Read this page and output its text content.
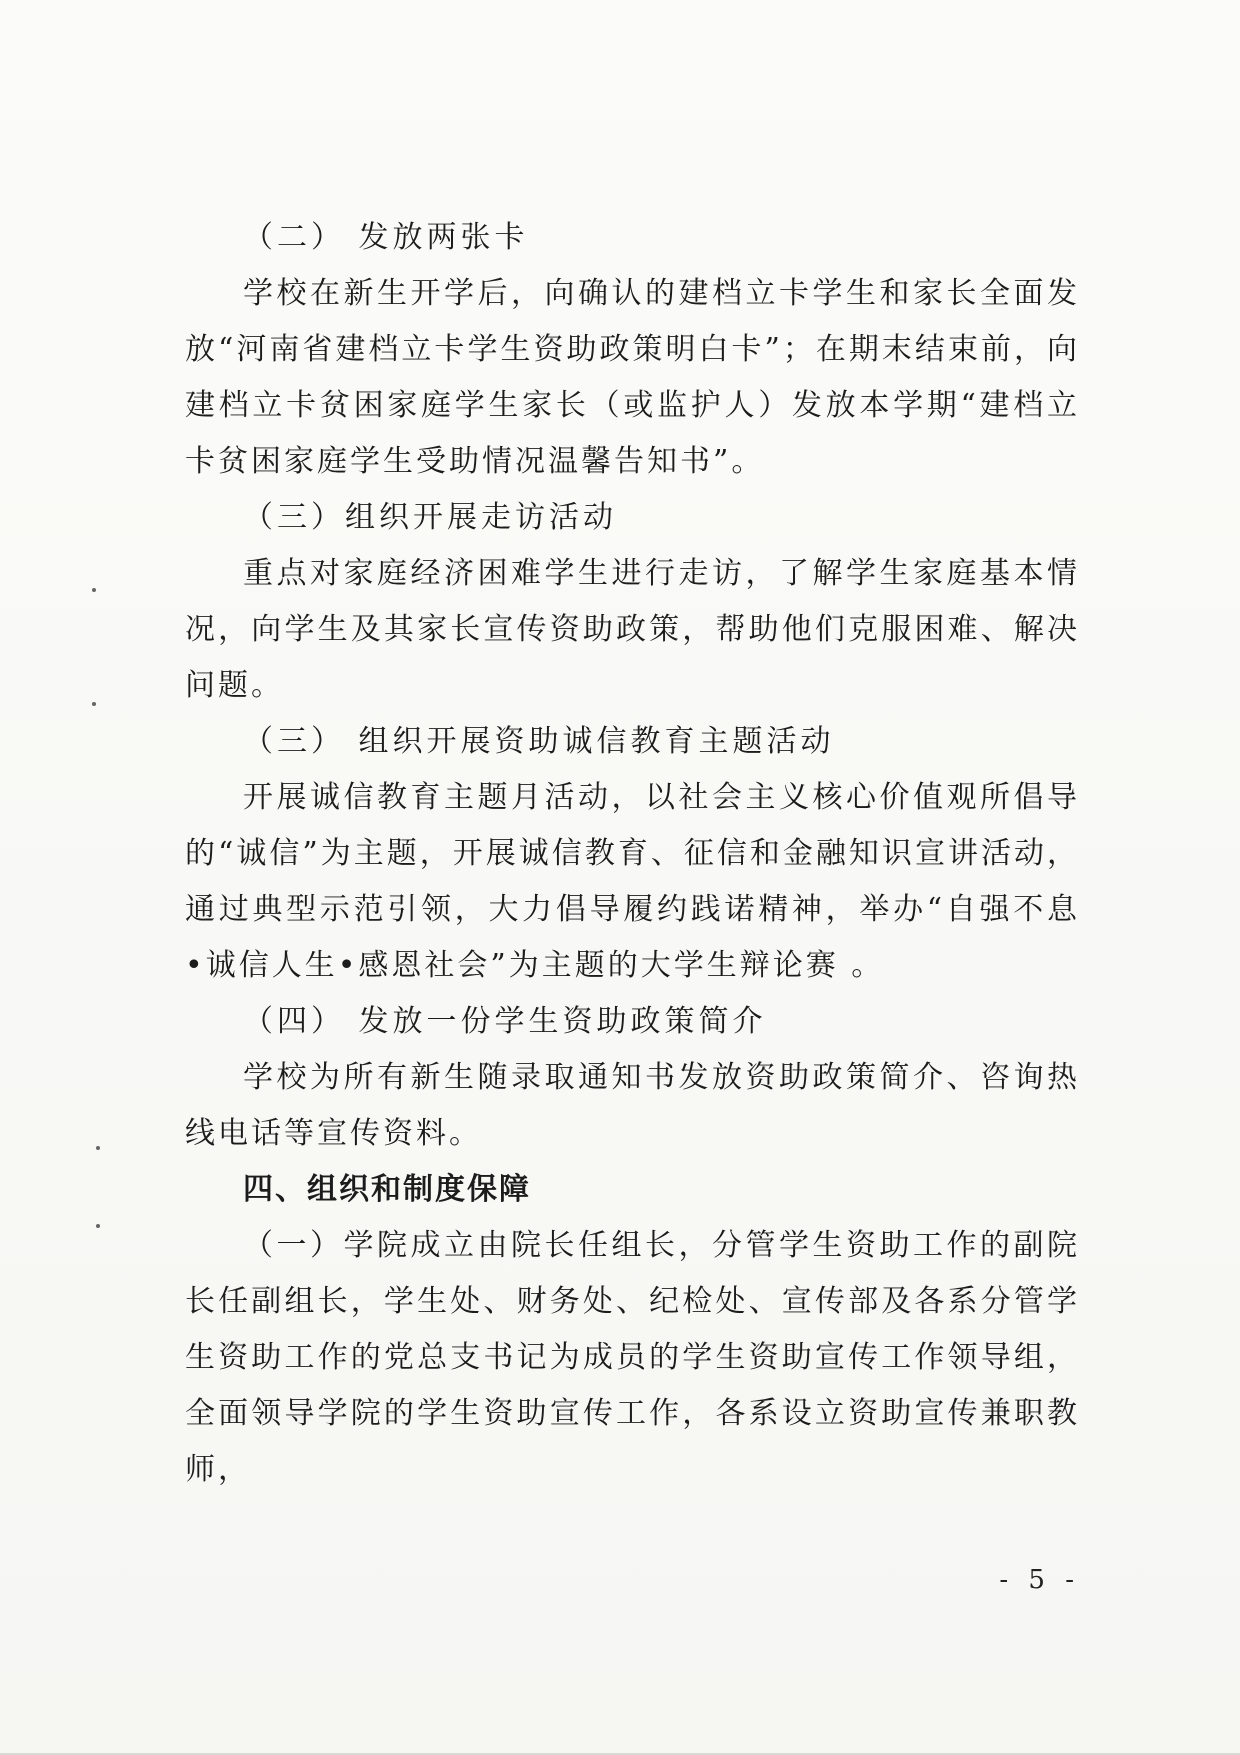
（二） 发放两张卡

学校在新生开学后，向确认的建档立卡学生和家长全面发放“河南省建档立卡学生资助政策明白卡”；在期末结束前，向建档立卡贫困家庭学生家长（或监护人）发放本学期“建档立卡贫困家庭学生受助情况温馨告知书”。

（三）组织开展走访活动

重点对家庭经济困难学生进行走访，了解学生家庭基本情况，向学生及其家长宣传资助政策，帮助他们克服困难、解决问题。

（三） 组织开展资助诚信教育主题活动

开展诚信教育主题月活动，以社会主义核心价值观所倡导的“诚信”为主题，开展诚信教育、征信和金融知识宣讲活动，通过典型示范引领，大力倡导履约践诺精神，举办“自强不息•诚信人生•感恩社会”为主题的大学生辩论赛 。

（四） 发放一份学生资助政策简介

学校为所有新生随录取通知书发放资助政策简介、咨询热线电话等宣传资料。

四、组织和制度保障

（一）学院成立由院长任组长，分管学生资助工作的副院长任副组长，学生处、财务处、纪检处、宣传部及各系分管学生资助工作的党总支书记为成员的学生资助宣传工作领导组，全面领导学院的学生资助宣传工作，各系设立资助宣传兼职教师，

- 5 -
